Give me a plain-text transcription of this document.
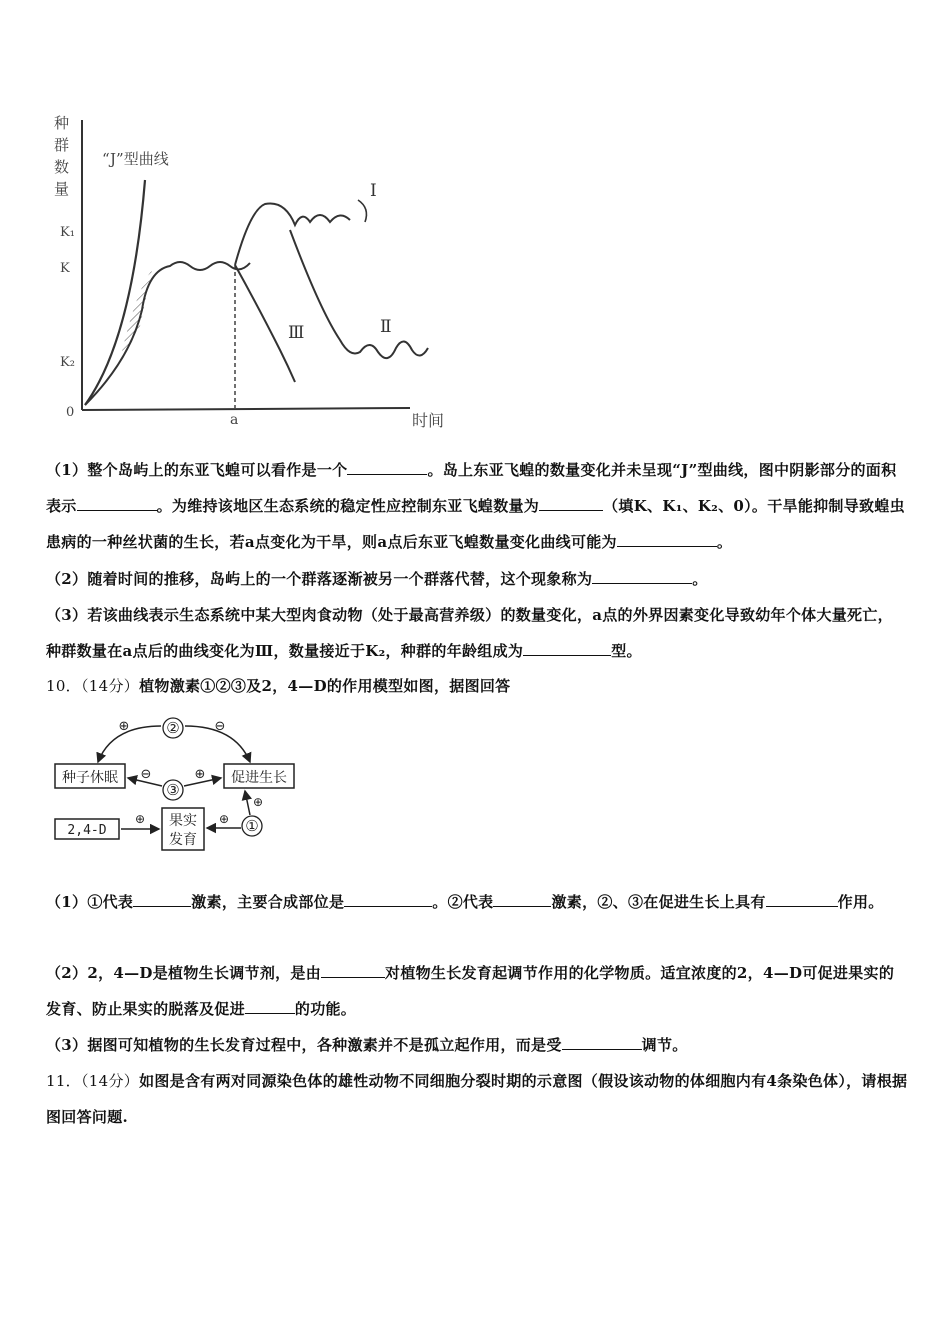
种 群 数 量
K₁
K
K₂
0	a	时间
“J”型曲线
Ⅰ
Ⅱ
Ⅲ
（1）整个岛屿上的东亚飞蝗可以看作是一个	。岛上东亚飞蝗的数量变化并未呈现“J”型曲线，图中阴影部分的面积表示	。为维持该地区生态系统的稳定性应控制东亚飞蝗数量为	（填K、K₁、K₂、0）。干旱能抑制导致蝗虫患病的一种丝状菌的生长，若a点变化为干旱，则a点后东亚飞蝗数量变化曲线可能为	。
（2）随着时间的推移，岛屿上的一个群落逐渐被另一个群落代替，这个现象称为	。
（3）若该曲线表示生态系统中某大型肉食动物（处于最高营养级）的数量变化，a点的外界因素变化导致幼年个体大量死亡，种群数量在a点后的曲线变化为Ⅲ，数量接近于K₂，种群的年龄组成为	型。
10．（14分）植物激素①②③及2，4—D的作用模型如图，据图回答
种子休眠	促进生长
果实
发育
2,4-D
②
③
①
⊕	⊖
⊖	⊕
⊕
⊕
⊕
（1）①代表	激素，主要合成部位是	。②代表	激素，②、③在促进生长上具有	作用。
（2）2，4—D是植物生长调节剂，是由	对植物生长发育起调节作用的化学物质。适宜浓度的2，4—D可促进果实的发育、防止果实的脱落及促进	的功能。
（3）据图可知植物的生长发育过程中，各种激素并不是孤立起作用，而是受	调节。
11．（14分）如图是含有两对同源染色体的雄性动物不同细胞分裂时期的示意图（假设该动物的体细胞内有4条染色体），请根据图回答问题.
